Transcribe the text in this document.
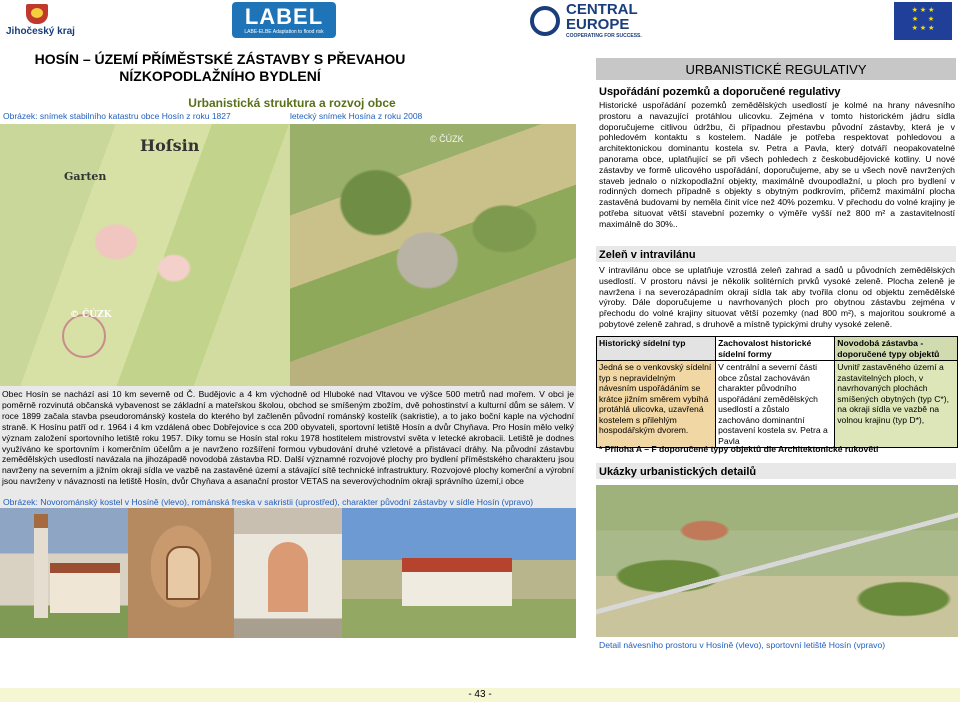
Jihočeský kraj
LABEL
LABE-ELBE Adaptation to flood risk
CENTRAL
EUROPE
COOPERATING FOR SUCCESS.
★ ★ ★
★     ★
★ ★ ★
HOSÍN – ÚZEMÍ PŘÍMĚSTSKÉ ZÁSTAVBY S PŘEVAHOU NÍZKOPODLAŽNÍHO BYDLENÍ
Urbanistická struktura a rozvoj obce
Obrázek: snímek stabilního katastru obce Hosín z roku 1827	letecký snímek Hosína z roku 2008
Hoſsin
Garten
© ČÚZK
© ČÚZK
URBANISTICKÉ REGULATIVY
Uspořádání pozemků a doporučené regulativy
Historické uspořádání pozemků zemědělských usedlostí je kolmé na hrany návesního prostoru a navazující protáhlou ulicovku. Zejména v tomto historickém jádru sídla doporučujeme citlivou údržbu, či případnou přestavbu původní zástavby, která je v pohledovém kontaktu s kostelem. Nadále je potřeba respektovat pohledovou a architektonickou dominantu kostela sv. Petra a Pavla, který dotváří neopakovatelné panorama obce, uplatňující se při všech pohledech z českobudějovické kotliny. U nové zástavby ve formě ulicového uspořádání, doporučujeme, aby se u všech nově navržených staveb jednalo o nízkopodlažní objekty, maximálně dvoupodlažní, u ploch pro bydlení v rodinných domech případně s objekty s obytným podkrovím, přičemž maximální plocha zastavěná budovami by neměla činit více než 40% pozemku. V přechodu do volné krajiny je potřeba situovat větší stavební pozemky o výměře vyšší než 800 m² a zastavitelností maximálně do 30%..
Zeleň v intravilánu
V intravilánu obce se uplatňuje vzrostlá zeleň zahrad a sadů u původních zemědělských usedlostí. V prostoru návsi je několik solitérních prvků vysoké zeleně. Plocha zeleně je navržena i na severozápadním okraji sídla tak aby tvořila clonu od objektu zemědělské výroby. Dále doporučujeme u navrhovaných ploch pro obytnou zástavbu zejména v přechodu do volné krajiny situovat větší pozemky (nad 800 m²), s majoritou soukromé a pobytové zeleně zahrad, s druhově a místně typickými druhy vysoké zeleně.
Historický sídelní typ	Zachovalost historické sídelní formy	Novodobá zástavba - doporučené typy objektů
Jedná se o venkovský sídelní typ s nepravidelným návesním uspořádáním se krátce jižním směrem vybíhá protáhlá ulicovka, uzavřená kostelem s přilehlým hospodářským dvorem.	V centrální a severní části obce zůstal zachováván charakter původního uspořádání zemědělských usedlostí a zůstalo zachováno dominantní postavení kostela sv. Petra a Pavla	Uvnitř zastavěného území a zastavitelných ploch, v navrhovaných plochách smíšených obytných (typ C*), na okraji sídla ve vazbě na volnou krajinu (typ D*),
* Příloha A – F doporučené typy objektů dle Architektonické rukověti
Ukázky urbanistických detailů
Detail návesního prostoru v Hosíně (vlevo), sportovní letiště Hosín (vpravo)
Obec Hosín se nachází asi 10 km severně od Č. Budějovic a 4 km východně od Hluboké nad Vltavou ve výšce 500 metrů nad mořem. V obci je poměrně rozvinutá občanská vybavenost se základní a mateřskou školou, obchod se smíšeným zbožím, dvě pohostinství a kulturní dům se sálem. V roce 1899 začala stavba pseudorománský kostela do kterého byl začleněn původní románský kostelík (sakristie), a to jako boční kaple na východní straně. K Hosínu patří od r. 1964 i 4 km vzdálená obec Dobřejovice s cca 200 obyvateli, sportovní letiště Hosín a dvůr Chyňava. Pro Hosín mělo velký význam založení sportovního letiště roku 1957. Díky tomu se Hosín stal roku 1978 hostitelem mistrovství světa v letecké akrobacii. Letiště je dodnes využíváno ke sportovním i komerčním účelům a je navrženo rozšíření formou vybudování druhé vzletové a přistávací dráhy. Na původní zástavbu zemědělských usedlostí navázala na jihozápadě novodobá zástavba RD. Další významné rozvojové plochy pro bydlení příměstského charakteru jsou navrženy na severním a jižním okraji sídla ve vazbě na zastavěné území a stávající sítě technické infrastruktury. Rozvojové plochy komerční a výrobní jsou navrženy v návaznosti na letiště Hosín, dvůr Chyňava a asanační prostor VETAS na severovýchodním okraji správního území,i obce
Obrázek: Novorománský kostel v Hosíně (vlevo), románská freska v sakristii (uprostřed), charakter původní zástavby v sídle Hosín (vpravo)
- 43 -
